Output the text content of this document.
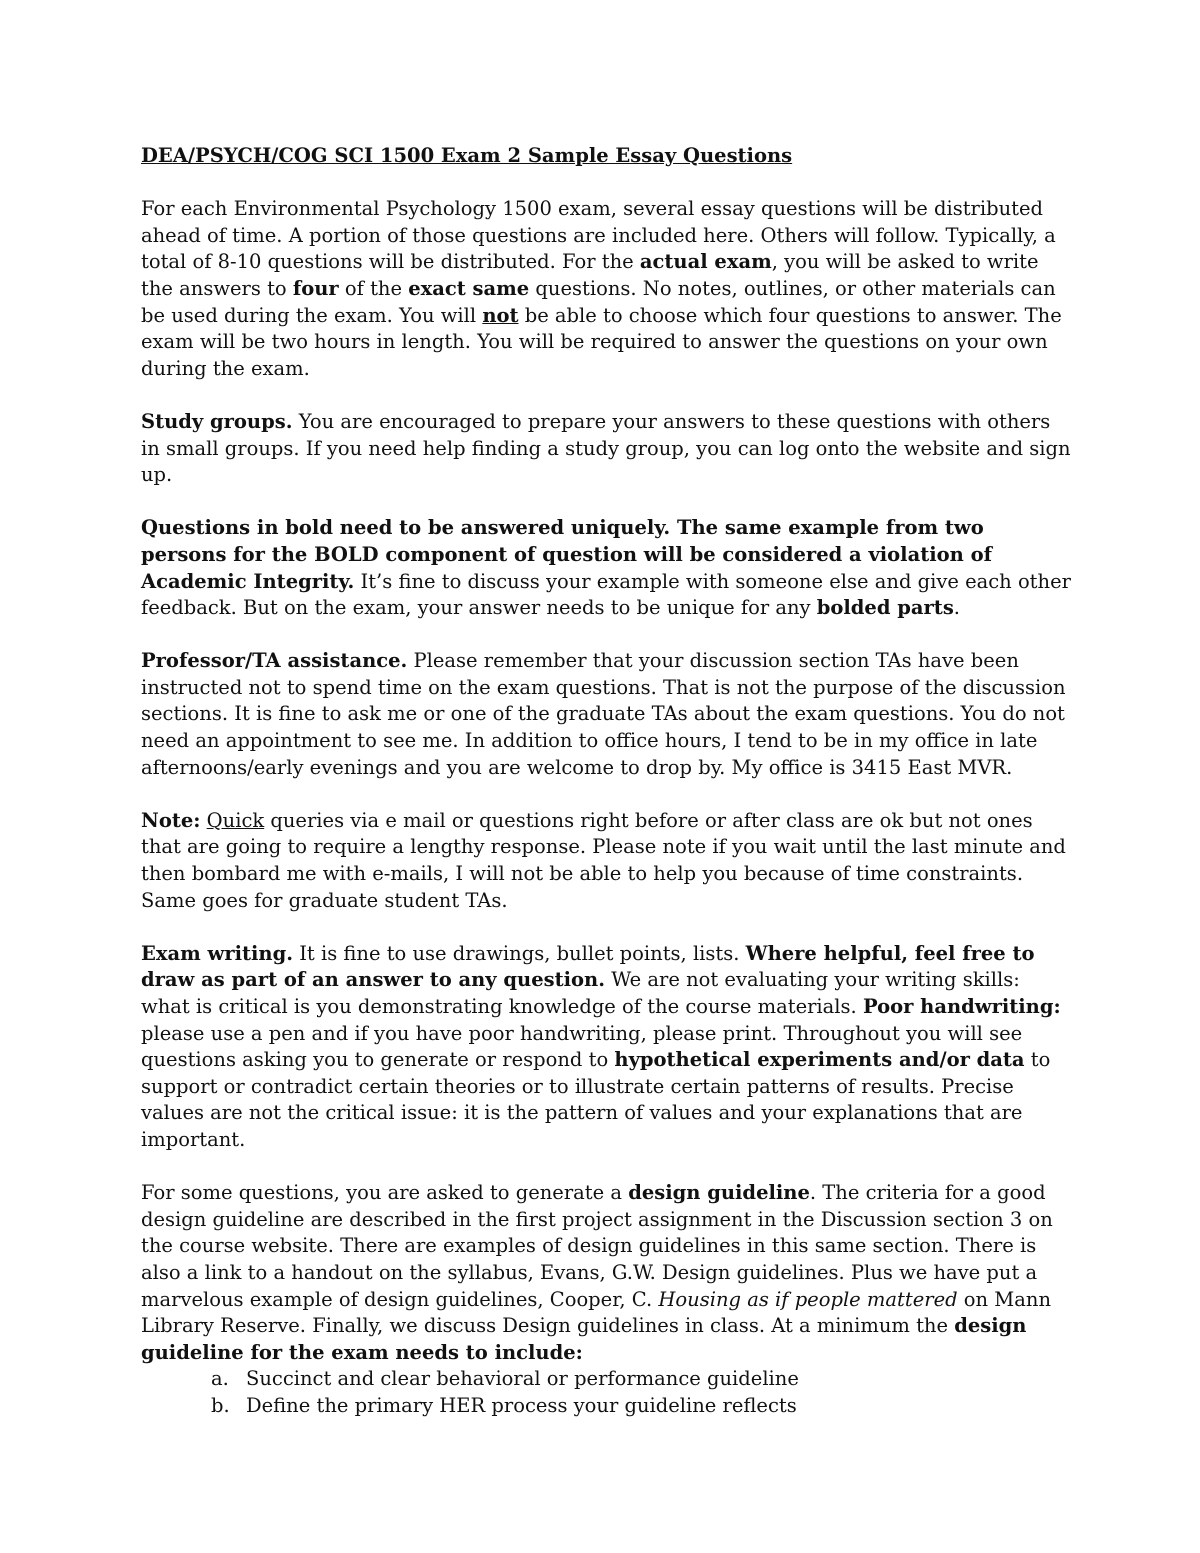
DEA/PSYCH/COG SCI 1500 Exam 2 Sample Essay Questions

For each Environmental Psychology 1500 exam, several essay questions will be distributed ahead of time. A portion of those questions are included here. Others will follow. Typically, a total of 8-10 questions will be distributed. For the actual exam, you will be asked to write the answers to four of the exact same questions. No notes, outlines, or other materials can be used during the exam. You will not be able to choose which four questions to answer. The exam will be two hours in length. You will be required to answer the questions on your own during the exam.

Study groups. You are encouraged to prepare your answers to these questions with others in small groups. If you need help finding a study group, you can log onto the website and sign up.

Questions in bold need to be answered uniquely. The same example from two persons for the BOLD component of question will be considered a violation of Academic Integrity. It’s fine to discuss your example with someone else and give each other feedback. But on the exam, your answer needs to be unique for any bolded parts.

Professor/TA assistance. Please remember that your discussion section TAs have been instructed not to spend time on the exam questions. That is not the purpose of the discussion sections. It is fine to ask me or one of the graduate TAs about the exam questions. You do not need an appointment to see me. In addition to office hours, I tend to be in my office in late afternoons/early evenings and you are welcome to drop by. My office is 3415 East MVR.

Note: Quick queries via e mail or questions right before or after class are ok but not ones that are going to require a lengthy response. Please note if you wait until the last minute and then bombard me with e-mails, I will not be able to help you because of time constraints. Same goes for graduate student TAs.

Exam writing. It is fine to use drawings, bullet points, lists. Where helpful, feel free to draw as part of an answer to any question. We are not evaluating your writing skills: what is critical is you demonstrating knowledge of the course materials. Poor handwriting: please use a pen and if you have poor handwriting, please print. Throughout you will see questions asking you to generate or respond to hypothetical experiments and/or data to support or contradict certain theories or to illustrate certain patterns of results. Precise values are not the critical issue: it is the pattern of values and your explanations that are important.

For some questions, you are asked to generate a design guideline. The criteria for a good design guideline are described in the first project assignment in the Discussion section 3 on the course website. There are examples of design guidelines in this same section. There is also a link to a handout on the syllabus, Evans, G.W. Design guidelines. Plus we have put a marvelous example of design guidelines, Cooper, C. Housing as if people mattered on Mann Library Reserve. Finally, we discuss Design guidelines in class. At a minimum the design guideline for the exam needs to include:

a. Succinct and clear behavioral or performance guideline
b. Define the primary HER process your guideline reflects
